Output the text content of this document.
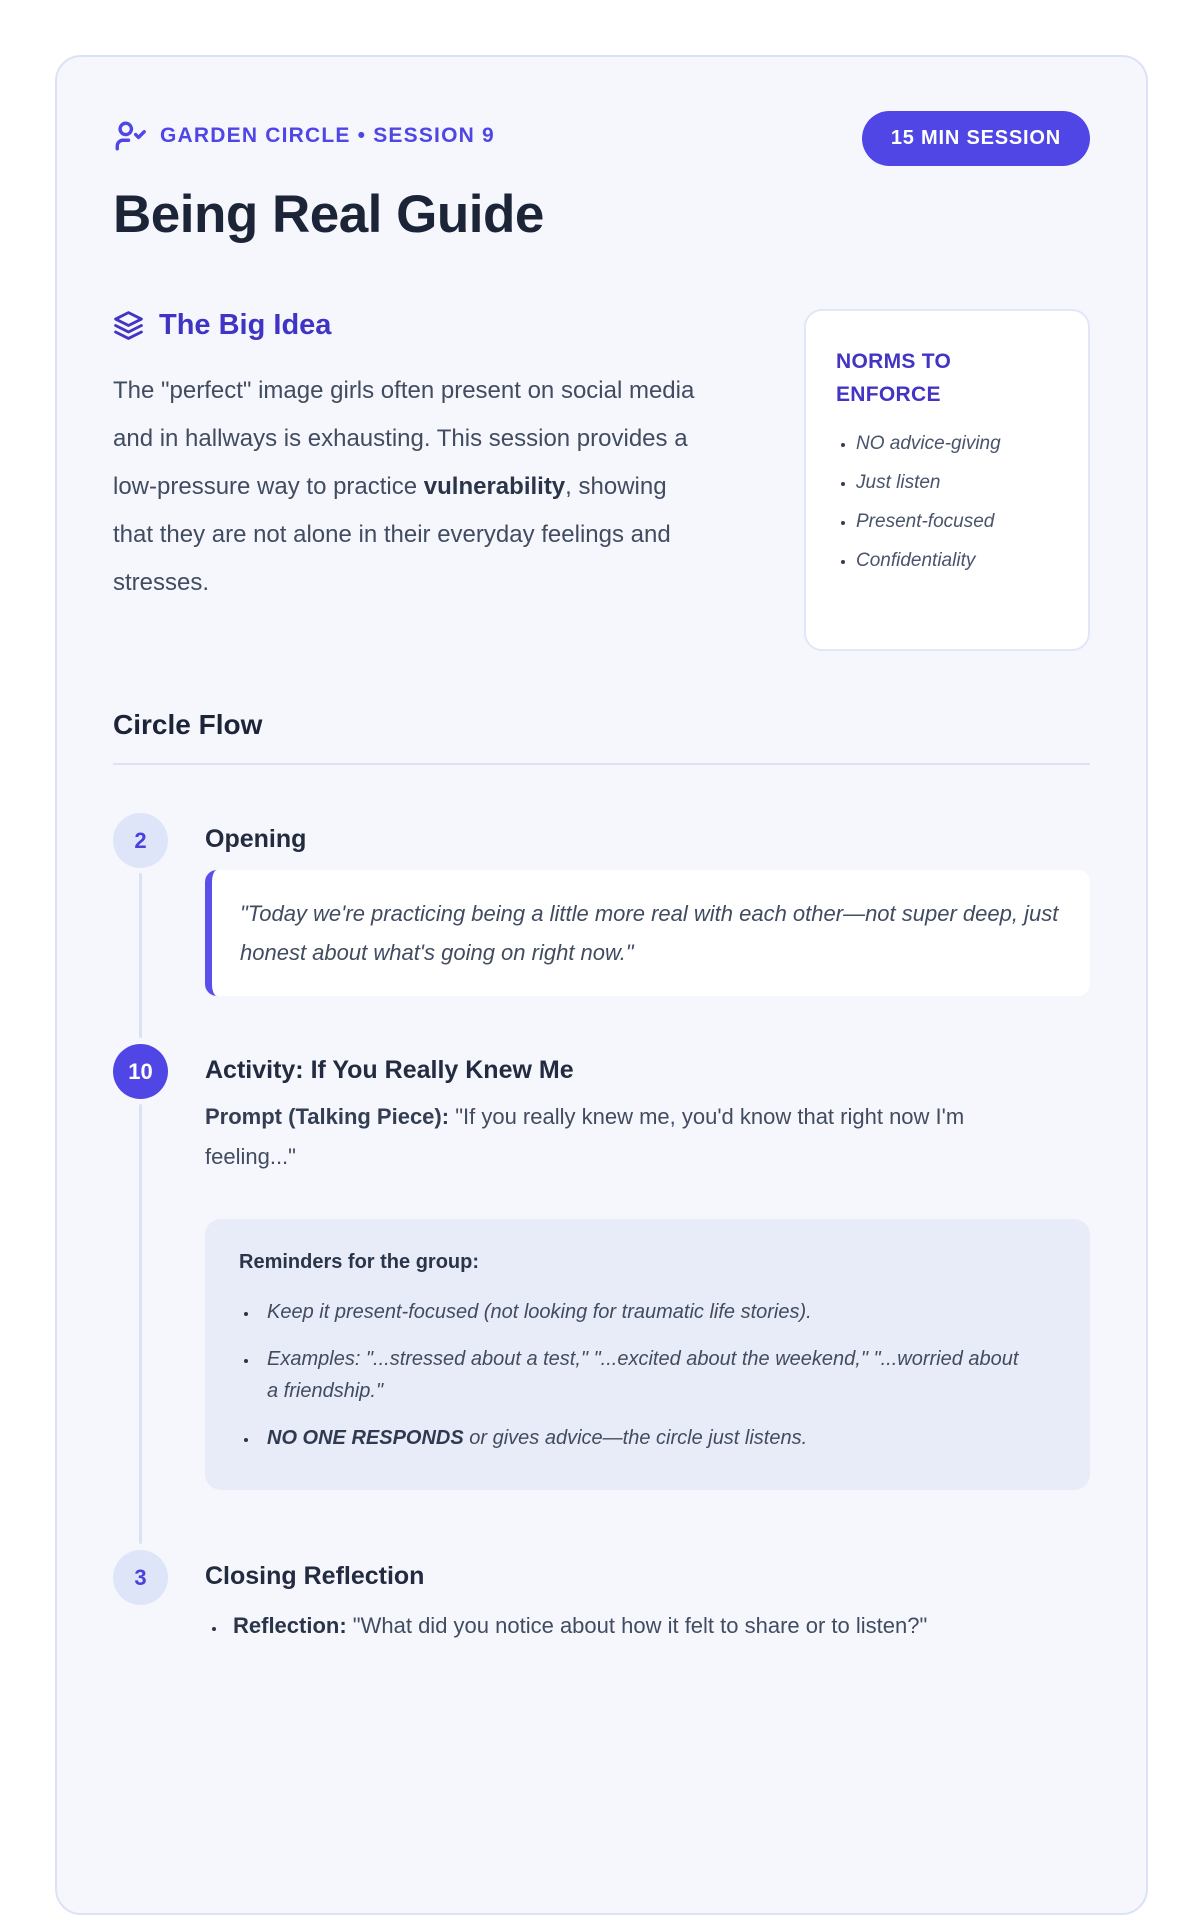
GARDEN CIRCLE • SESSION 9	15 MIN SESSION
Being Real Guide
The Big Idea

The "perfect" image girls often present on social media and in hallways is exhausting. This session provides a low-pressure way to practice vulnerability, showing that they are not alone in their everyday feelings and stresses.

NORMS TO ENFORCE
• NO advice-giving
• Just listen
• Present-focused
• Confidentiality
Circle Flow
2	Opening
"Today we're practicing being a little more real with each other—not super deep, just honest about what's going on right now."
10	Activity: If You Really Knew Me

Prompt (Talking Piece): "If you really knew me, you'd know that right now I'm feeling..."

Reminders for the group:
• Keep it present-focused (not looking for traumatic life stories).
• Examples: "...stressed about a test," "...excited about the weekend," "...worried about a friendship."
• NO ONE RESPONDS or gives advice—the circle just listens.
3	Closing Reflection
• Reflection: "What did you notice about how it felt to share or to listen?"
